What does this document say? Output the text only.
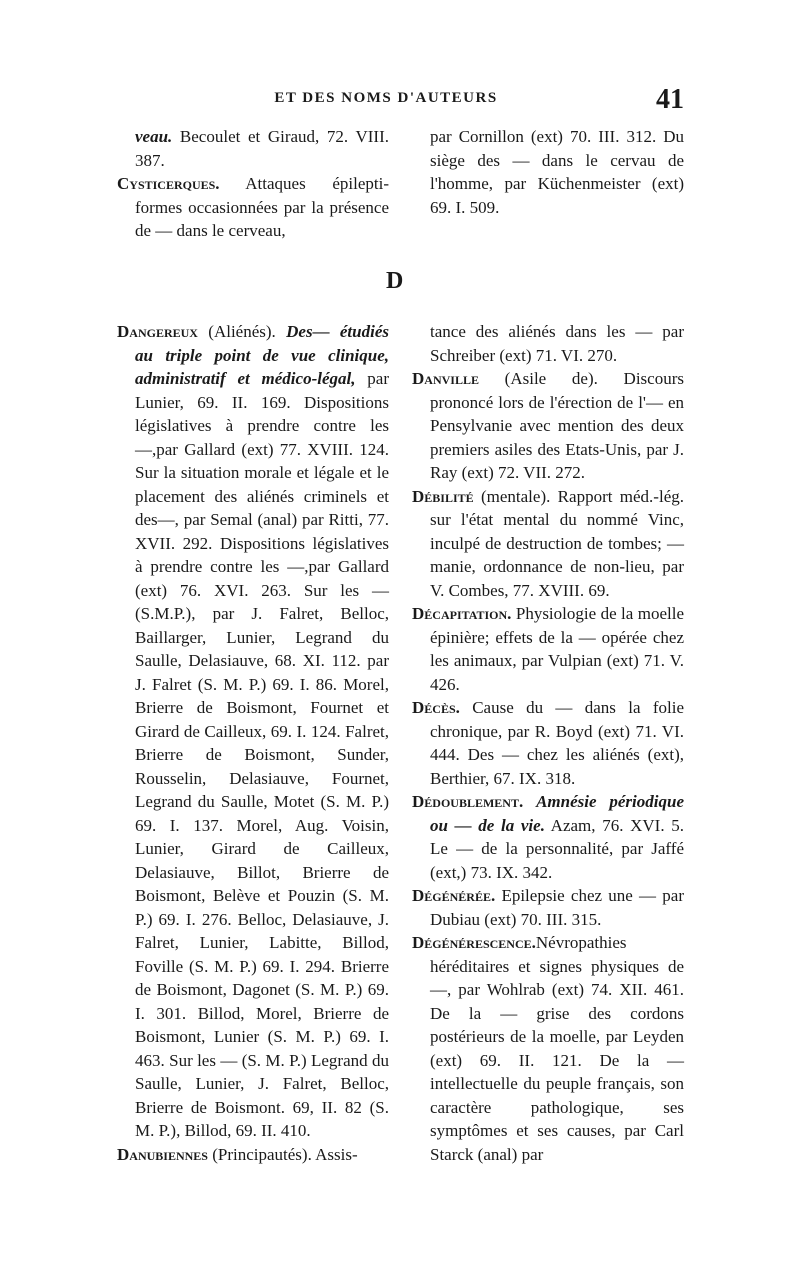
ET DES NOMS D'AUTEURS	41

veau. Becoulet et Giraud, 72. VIII. 387.

Cysticerques. Attaques épilepti-formes occasionnées par la présence de — dans le cerveau,

par Cornillon (ext) 70. III. 312. Du siège des — dans le cervau de l'homme, par Küchenmeister (ext) 69. I. 509.

D

Dangereux (Aliénés). Des— étudiés au triple point de vue clinique, administratif et médico-légal, par Lunier, 69. II. 169. Dispositions législatives à prendre contre les —,par Gallard (ext) 77. XVIII. 124. Sur la situation morale et légale et le placement des aliénés criminels et des—, par Semal (anal) par Ritti, 77. XVII. 292. Dispositions législatives à prendre contre les —,par Gallard (ext) 76. XVI. 263. Sur les — (S.M.P.), par J. Falret, Belloc, Baillarger, Lunier, Legrand du Saulle, Delasiauve, 68. XI. 112. par J. Falret (S. M. P.) 69. I. 86. Morel, Brierre de Boismont, Fournet et Girard de Cailleux, 69. I. 124. Falret, Brierre de Boismont, Sunder, Rousselin, Delasiauve, Fournet, Legrand du Saulle, Motet (S. M. P.) 69. I. 137. Morel, Aug. Voisin, Lunier, Girard de Cailleux, Delasiauve, Billot, Brierre de Boismont, Belève et Pouzin (S. M. P.) 69. I. 276. Belloc, Delasiauve, J. Falret, Lunier, Labitte, Billod, Foville (S. M. P.) 69. I. 294. Brierre de Boismont, Dagonet (S. M. P.) 69. I. 301. Billod, Morel, Brierre de Boismont, Lunier (S. M. P.) 69. I. 463. Sur les — (S. M. P.) Legrand du Saulle, Lunier, J. Falret, Belloc, Brierre de Boismont. 69, II. 82 (S. M. P.), Billod, 69. II. 410.

Danubiennes (Principautés). Assis-

tance des aliénés dans les — par Schreiber (ext) 71. VI. 270.

Danville (Asile de). Discours prononcé lors de l'érection de l'— en Pensylvanie avec mention des deux premiers asiles des Etats-Unis, par J. Ray (ext) 72. VII. 272.

Débilité (mentale). Rapport méd.-lég. sur l'état mental du nommé Vinc, inculpé de destruction de tombes; — manie, ordonnance de non-lieu, par V. Combes, 77. XVIII. 69.

Décapitation. Physiologie de la moelle épinière; effets de la — opérée chez les animaux, par Vulpian (ext) 71. V. 426.

Décès. Cause du — dans la folie chronique, par R. Boyd (ext) 71. VI. 444. Des — chez les aliénés (ext), Berthier, 67. IX. 318.

Dédoublement. Amnésie périodique ou — de la vie. Azam, 76. XVI. 5. Le — de la personnalité, par Jaffé (ext,) 73. IX. 342.

Dégénérée. Epilepsie chez une — par Dubiau (ext) 70. III. 315.

Dégénérescence.Névropathies héréditaires et signes physiques de —, par Wohlrab (ext) 74. XII. 461. De la — grise des cordons postérieurs de la moelle, par Leyden (ext) 69. II. 121. De la — intellectuelle du peuple français, son caractère pathologique, ses symptômes et ses causes, par Carl Starck (anal) par
